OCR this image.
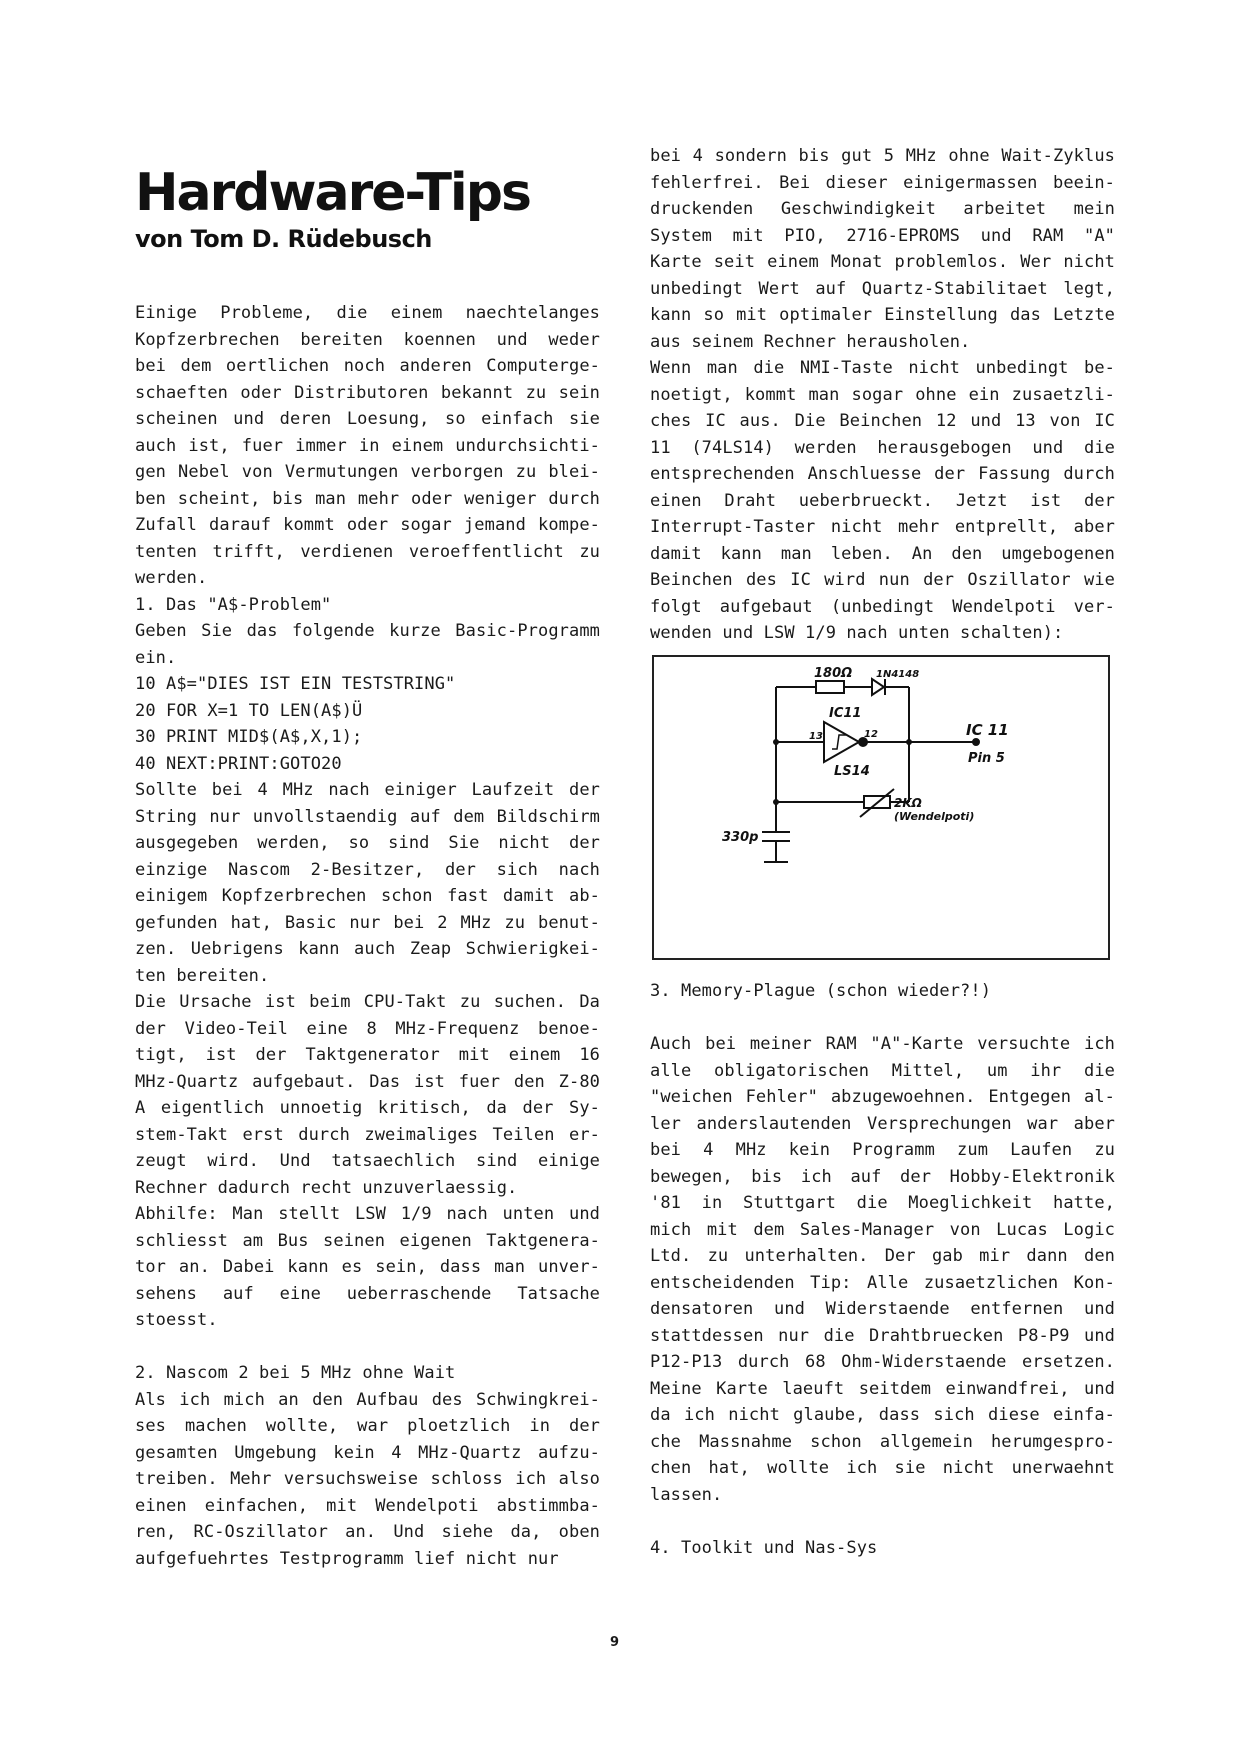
Hardware-Tips
von Tom D. Rüdebusch

Einige Probleme, die einem naechtelanges Kopfzerbrechen bereiten koennen und weder bei dem oertlichen noch anderen Computerge-schaeften oder Distributoren bekannt zu sein scheinen und deren Loesung, so einfach sie auch ist, fuer immer in einem undurchsichti-gen Nebel von Vermutungen verborgen zu blei-ben scheint, bis man mehr oder weniger durch Zufall darauf kommt oder sogar jemand kompe-tenten trifft, verdienen veroeffentlicht zu werden.

1. Das "A$-Problem"

Geben Sie das folgende kurze Basic-Programm ein.

10 A$="DIES IST EIN TESTSTRING"

20 FOR X=1 TO LEN(A$)Ü

30 PRINT MID$(A$,X,1);

40 NEXT:PRINT:GOTO20

Sollte bei 4 MHz nach einiger Laufzeit der String nur unvollstaendig auf dem Bildschirm ausgegeben werden, so sind Sie nicht der einzige Nascom 2-Besitzer, der sich nach einigem Kopfzerbrechen schon fast damit ab-gefunden hat, Basic nur bei 2 MHz zu benut-zen. Uebrigens kann auch Zeap Schwierigkei-ten bereiten.

Die Ursache ist beim CPU-Takt zu suchen. Da der Video-Teil eine 8 MHz-Frequenz benoe-tigt, ist der Taktgenerator mit einem 16 MHz-Quartz aufgebaut. Das ist fuer den Z-80 A eigentlich unnoetig kritisch, da der Sy-stem-Takt erst durch zweimaliges Teilen er-zeugt wird. Und tatsaechlich sind einige Rechner dadurch recht unzuverlaessig.

Abhilfe: Man stellt LSW 1/9 nach unten und schliesst am Bus seinen eigenen Taktgenera-tor an. Dabei kann es sein, dass man unver-sehens auf eine ueberraschende Tatsache stoesst.

2. Nascom 2 bei 5 MHz ohne Wait

Als ich mich an den Aufbau des Schwingkrei-ses machen wollte, war ploetzlich in der gesamten Umgebung kein 4 MHz-Quartz aufzu-treiben. Mehr versuchsweise schloss ich also einen einfachen, mit Wendelpoti abstimmba-ren, RC-Oszillator an. Und siehe da, oben aufgefuehrtes Testprogramm lief nicht nur

bei 4 sondern bis gut 5 MHz ohne Wait-Zyklus fehlerfrei. Bei dieser einigermassen beein-druckenden Geschwindigkeit arbeitet mein System mit PIO, 2716-EPROMS und RAM "A" Karte seit einem Monat problemlos. Wer nicht unbedingt Wert auf Quartz-Stabilitaet legt, kann so mit optimaler Einstellung das Letzte aus seinem Rechner herausholen.

Wenn man die NMI-Taste nicht unbedingt be-noetigt, kommt man sogar ohne ein zusaetzli-ches IC aus. Die Beinchen 12 und 13 von IC 11 (74LS14) werden herausgebogen und die entsprechenden Anschluesse der Fassung durch einen Draht ueberbrueckt. Jetzt ist der Interrupt-Taster nicht mehr entprellt, aber damit kann man leben. An den umgebogenen Beinchen des IC wird nun der Oszillator wie folgt aufgebaut (unbedingt Wendelpoti ver-wenden und LSW 1/9 nach unten schalten):

180Ω 1N4148
IC11
13	12
LS14
IC 11
Pin 5
2KΩ
(Wendelpoti)
330p

3. Memory-Plague (schon wieder?!)

Auch bei meiner RAM "A"-Karte versuchte ich alle obligatorischen Mittel, um ihr die "weichen Fehler" abzugewoehnen. Entgegen al-ler anderslautenden Versprechungen war aber bei 4 MHz kein Programm zum Laufen zu bewegen, bis ich auf der Hobby-Elektronik '81 in Stuttgart die Moeglichkeit hatte, mich mit dem Sales-Manager von Lucas Logic Ltd. zu unterhalten. Der gab mir dann den entscheidenden Tip: Alle zusaetzlichen Kon-densatoren und Widerstaende entfernen und stattdessen nur die Drahtbruecken P8-P9 und P12-P13 durch 68 Ohm-Widerstaende ersetzen. Meine Karte laeuft seitdem einwandfrei, und da ich nicht glaube, dass sich diese einfa-che Massnahme schon allgemein herumgespro-chen hat, wollte ich sie nicht unerwaehnt lassen.

4. Toolkit und Nas-Sys

9
